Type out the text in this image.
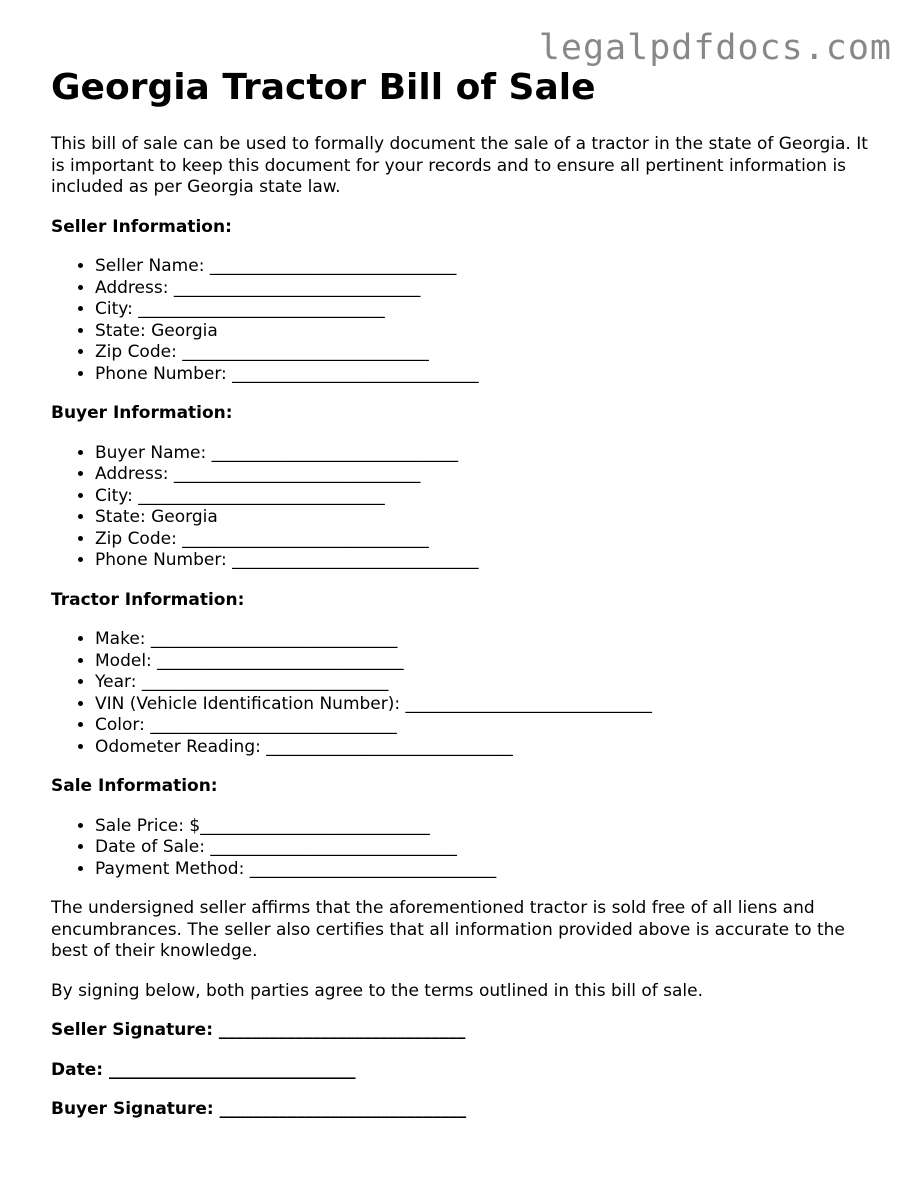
legalpdfdocs.com
Georgia Tractor Bill of Sale

This bill of sale can be used to formally document the sale of a tractor in the state of Georgia. It is important to keep this document for your records and to ensure all pertinent information is included as per Georgia state law.

Seller Information:

• Seller Name: _____________________________
• Address: _____________________________
• City: _____________________________
• State: Georgia
• Zip Code: _____________________________
• Phone Number: _____________________________

Buyer Information:

• Buyer Name: _____________________________
• Address: _____________________________
• City: _____________________________
• State: Georgia
• Zip Code: _____________________________
• Phone Number: _____________________________

Tractor Information:

• Make: _____________________________
• Model: _____________________________
• Year: _____________________________
• VIN (Vehicle Identification Number): _____________________________
• Color: _____________________________
• Odometer Reading: _____________________________

Sale Information:

• Sale Price: $___________________________
• Date of Sale: _____________________________
• Payment Method: _____________________________

The undersigned seller affirms that the aforementioned tractor is sold free of all liens and encumbrances. The seller also certifies that all information provided above is accurate to the best of their knowledge.

By signing below, both parties agree to the terms outlined in this bill of sale.

Seller Signature: _____________________________

Date: _____________________________

Buyer Signature: _____________________________
